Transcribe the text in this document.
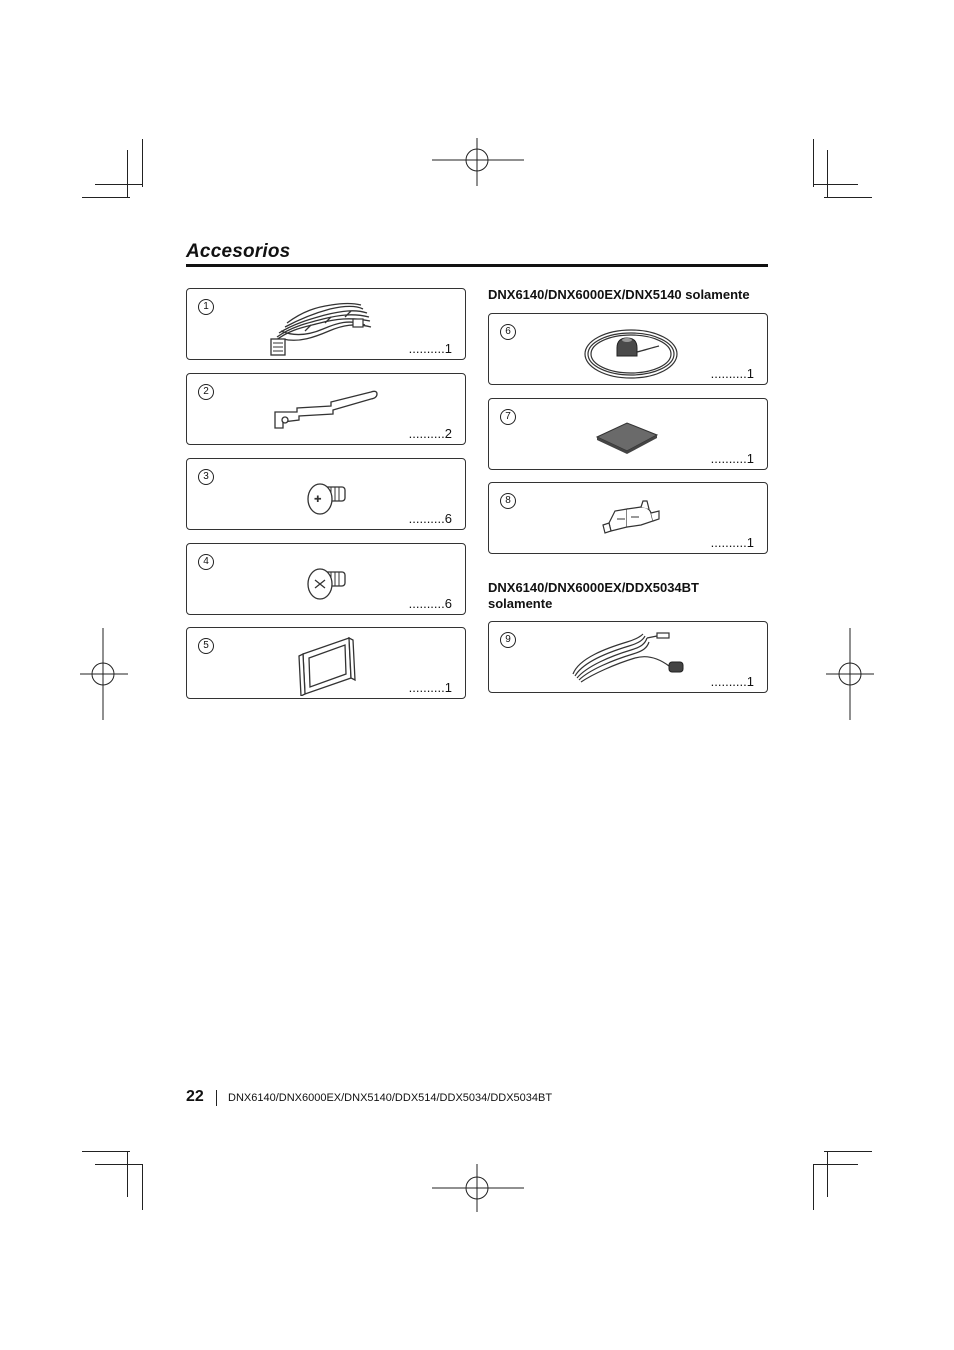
Accesorios
1
..........1
2
..........2
3
✚
..........6
4
..........6
5
..........1
DNX6140/DNX6000EX/DNX5140 solamente
6
..........1
7
..........1
8
..........1
DNX6140/DNX6000EX/DDX5034BT
solamente
9
..........1
22 DNX6140/DNX6000EX/DNX5140/DDX514/DDX5034/DDX5034BT
